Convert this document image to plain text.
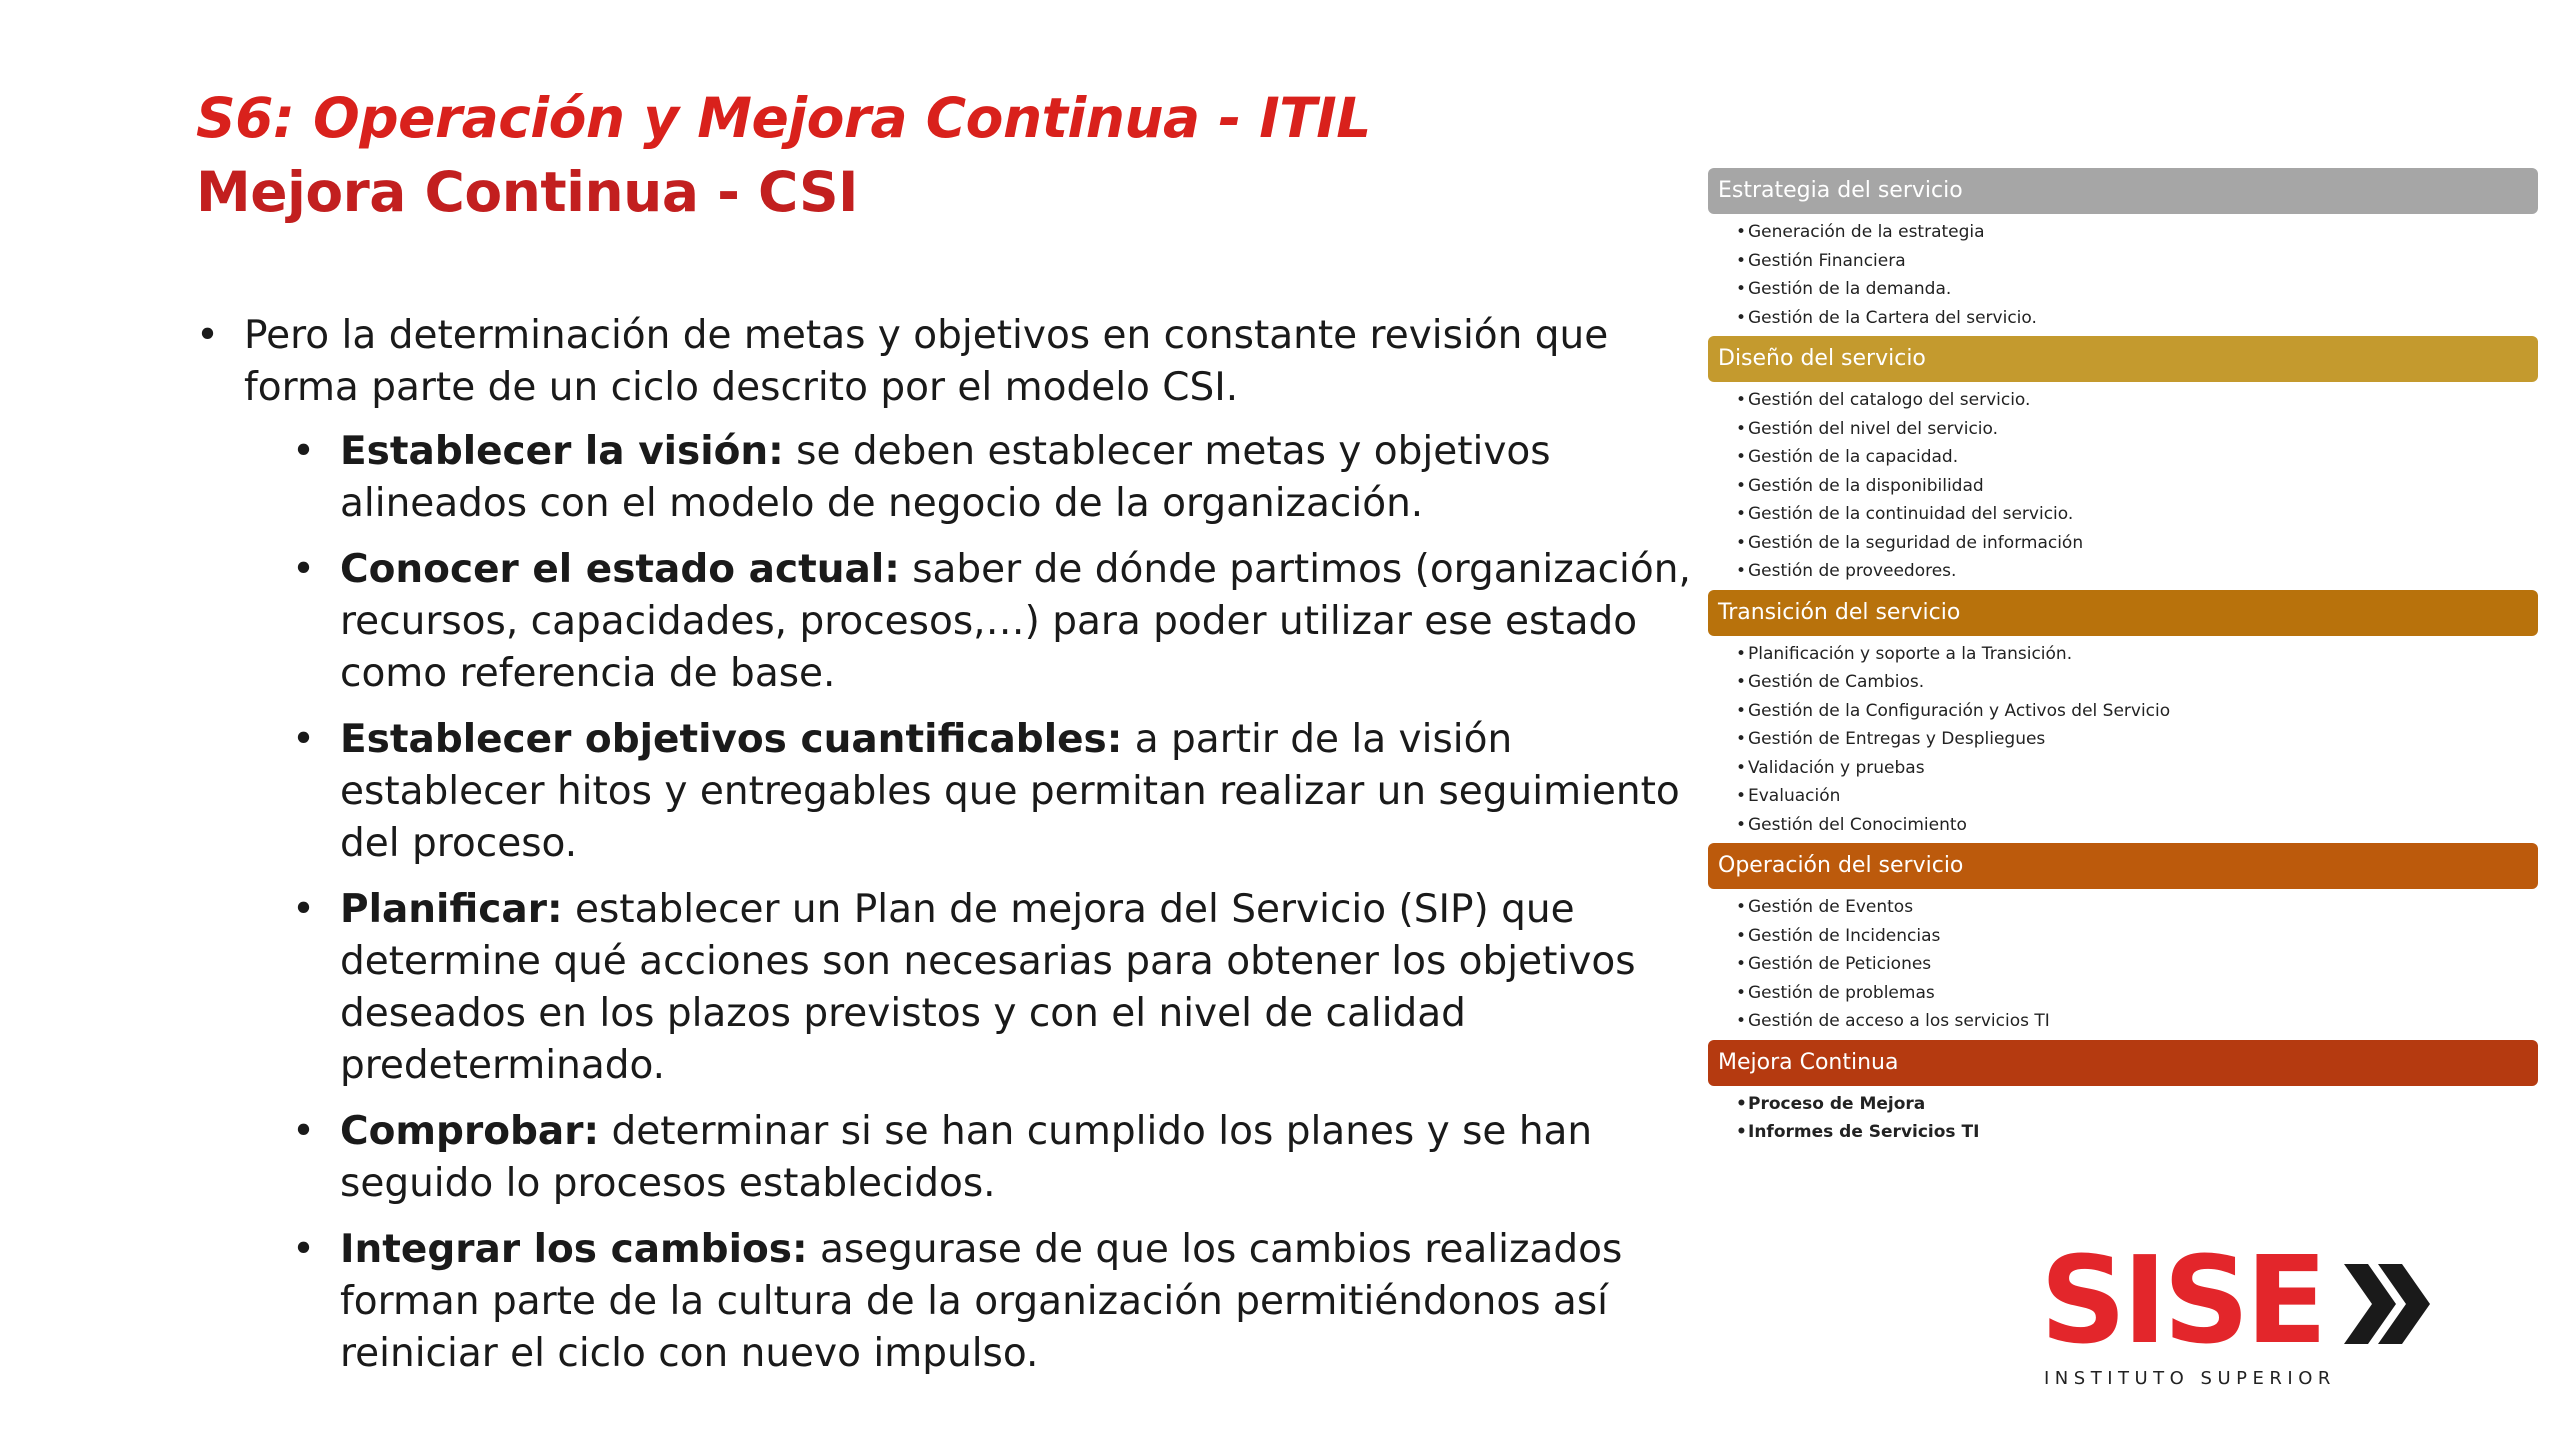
S6: Operación y Mejora Continua - ITIL
Mejora Continua - CSI

• Pero la determinación de metas y objetivos en constante revisión que forma parte de un ciclo descrito por el modelo CSI.

• Establecer la visión: se deben establecer metas y objetivos alineados con el modelo de negocio de la organización.
• Conocer el estado actual: saber de dónde partimos (organización, recursos, capacidades, procesos,…) para poder utilizar ese estado como referencia de base.
• Establecer objetivos cuantificables: a partir de la visión establecer hitos y entregables que permitan realizar un seguimiento del proceso.
• Planificar: establecer un Plan de mejora del Servicio (SIP) que determine qué acciones son necesarias para obtener los objetivos deseados en los plazos previstos y con el nivel de calidad predeterminado.
• Comprobar: determinar si se han cumplido los planes y se han seguido lo procesos establecidos.
• Integrar los cambios: asegurase de que los cambios realizados forman parte de la cultura de la organización permitiéndonos así reiniciar el ciclo con nuevo impulso.
Estrategia del servicio
• Generación de la estrategia
• Gestión Financiera
• Gestión de la demanda.
• Gestión de la Cartera del servicio.
Diseño del servicio
• Gestión del catalogo del servicio.
• Gestión del nivel del servicio.
• Gestión de la capacidad.
• Gestión de la disponibilidad
• Gestión de la continuidad del servicio.
• Gestión de la seguridad de información
• Gestión de proveedores.
Transición del servicio
• Planificación y soporte a la Transición.
• Gestión de Cambios.
• Gestión de la Configuración y Activos del Servicio
• Gestión de Entregas y Despliegues
• Validación y pruebas
• Evaluación
• Gestión del Conocimiento
Operación del servicio
• Gestión de Eventos
• Gestión de Incidencias
• Gestión de Peticiones
• Gestión de problemas
• Gestión de acceso a los servicios TI
Mejora Continua
• Proceso de Mejora
• Informes de Servicios TI
SISE
INSTITUTO SUPERIOR
